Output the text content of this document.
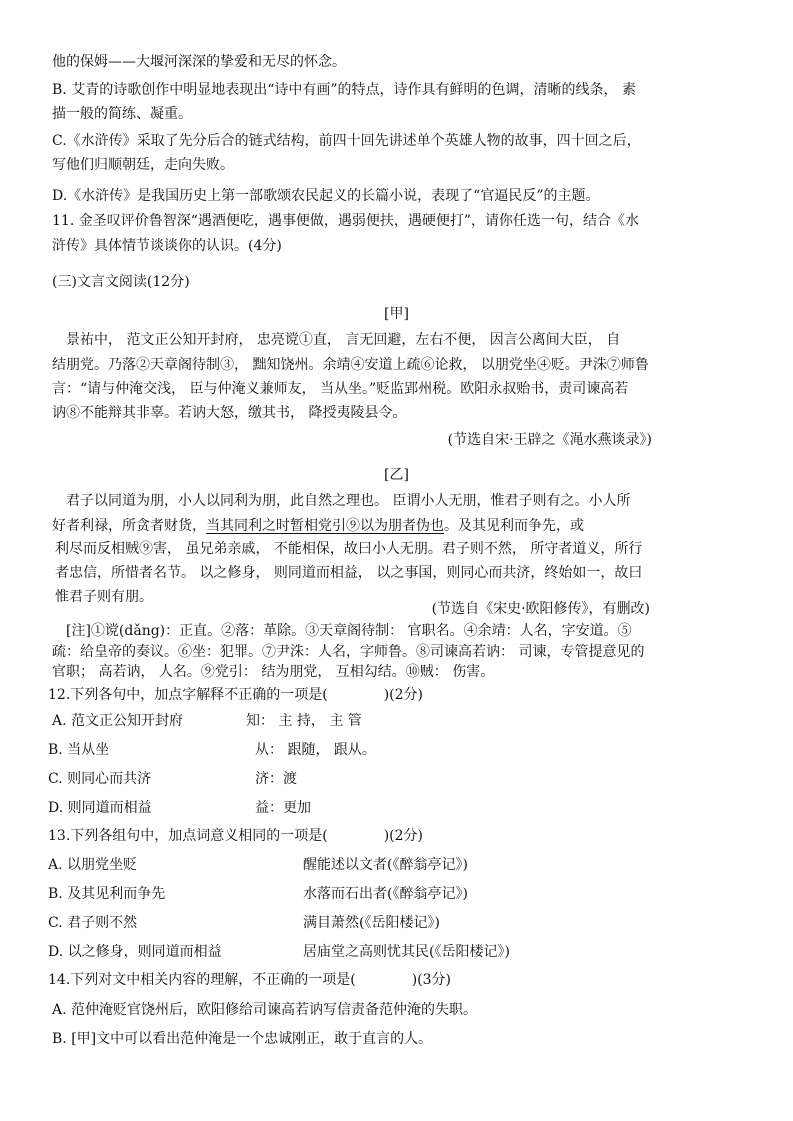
他的保姆——大堰河深深的挚爱和无尽的怀念。
B. 艾青的诗歌创作中明显地表现出“诗中有画”的特点，诗作具有鲜明的色调，清晰的线条， 素
描一般的简练、凝重。
C.《水浒传》采取了先分后合的链式结构，前四十回先讲述单个英雄人物的故事，四十回之后，
写他们归顺朝廷，走向失败。
D.《水浒传》是我国历史上第一部歌颂农民起义的长篇小说，表现了“官逼民反”的主题。
11. 金圣叹评价鲁智深“遇酒便吃，遇事便做，遇弱便扶，遇硬便打”，请你任选一句，结合《水
浒传》具体情节谈谈你的认识。(4分)
(三)文言文阅读(12分)
[甲]
　景祐中， 范文正公知开封府， 忠亮谠①直， 言无回避，左右不便， 因言公离间大臣， 自
结朋党。乃落②天章阁待制③， 黜知饶州。余靖④安道上疏⑥论救， 以朋党坐④贬。尹洙⑦师鲁
言：“请与仲淹交浅， 臣与仲淹义兼师友， 当从坐。”贬监郢州税。欧阳永叔贻书，责司谏高若
讷⑧不能辩其非辜。若讷大怒，缴其书， 降授夷陵县令。
(节选自宋·王辟之《渑水燕谈录》)
[乙]
　君子以同道为朋，小人以同利为朋，此自然之理也。 臣谓小人无朋，惟君子则有之。小人所
好者利禄，所贪者财货，当其同利之时暂相党引⑨以为朋者伪也。及其见利而争先，或
利尽而反相贼⑨害， 虽兄弟亲戚， 不能相保，故曰小人无朋。君子则不然， 所守者道义，所行
者忠信，所惜者名节。 以之修身， 则同道而相益， 以之事国，则同心而共济，终始如一，故曰
惟君子则有朋。
(节选自《宋史·欧阳修传》，有删改)
　[注]①谠(dǎng)：正直。②落：革除。③天章阁待制： 官职名。④余靖：人名，字安道。⑤
疏：给皇帝的奏议。⑥坐：犯罪。⑦尹洙：人名，字师鲁。⑧司谏高若讷： 司谏，专管提意见的
官职； 高若讷， 人名。⑨党引： 结为朋党， 互相勾结。⑩贼： 伤害。
12.下列各句中，加点字解释不正确的一项是(　　　　)(2分)
A. 范文正公知开封府	知： 主 持， 主 管
B. 当从坐	从： 跟随， 跟从。
C. 则同心而共济	济：渡
D. 则同道而相益	益：更加
13.下列各组句中，加点词意义相同的一项是(　　　　)(2分)
A. 以朋党坐贬	醒能述以文者(《醉翁亭记》)
B. 及其见利而争先	水落而石出者(《醉翁亭记》)
C. 君子则不然	满目萧然(《岳阳楼记》)
D. 以之修身，则同道而相益	居庙堂之高则忧其民(《岳阳楼记》)
14.下列对文中相关内容的理解，不正确的一项是(　　　　)(3分)
A. 范仲淹贬官饶州后，欧阳修给司谏高若讷写信责备范仲淹的失职。
B. [甲]文中可以看出范仲淹是一个忠诚刚正，敢于直言的人。
